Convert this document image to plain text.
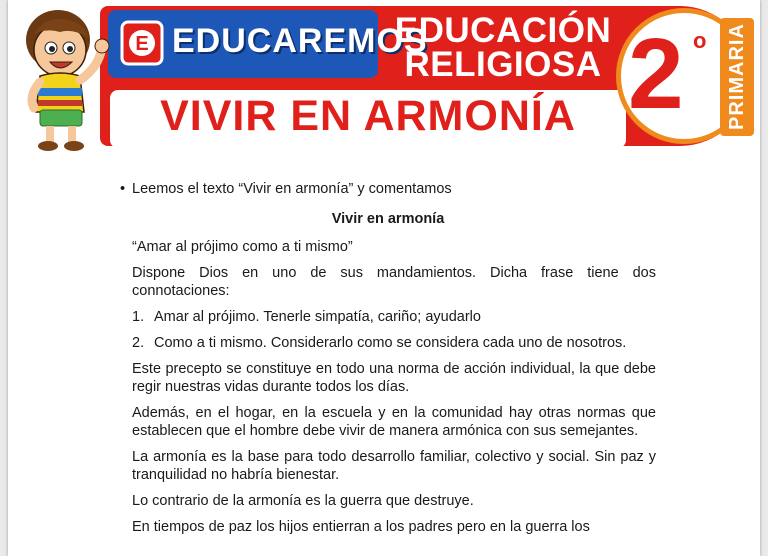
E EDUCAREMOS
EDUCACIÓN
RELIGIOSA
VIVIR EN ARMONÍA 2 o PRIMARIA
• Leemos el texto “Vivir en armonía” y comentamos
Vivir en armonía
“Amar al prójimo como a ti mismo”
Dispone Dios en uno de sus mandamientos. Dicha frase tiene dos connotaciones:
1. Amar al prójimo. Tenerle simpatía, cariño; ayudarlo
2. Como a ti mismo. Considerarlo como se considera cada uno de nosotros.
Este precepto se constituye en todo una norma de acción individual, la que debe regir nuestras vidas durante todos los días.
Además, en el hogar, en la escuela y en la comunidad hay otras normas que establecen que el hombre debe vivir de manera armónica con sus semejantes.
La armonía es la base para todo desarrollo familiar, colectivo y social. Sin paz y tranquilidad no habría bienestar.
Lo contrario de la armonía es la guerra que destruye.
En tiempos de paz los hijos entierran a los padres pero en la guerra los
